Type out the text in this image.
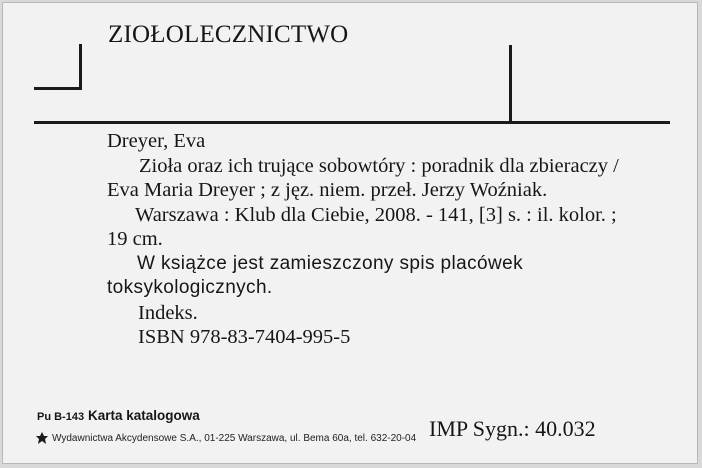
ZIOŁOLECZNICTWO

Dreyer, Eva

Zioła oraz ich trujące sobowtóry : poradnik dla zbieraczy / Eva Maria Dreyer ; z jęz. niem. przeł. Jerzy Woźniak.

Warszawa : Klub dla Ciebie, 2008. - 141, [3] s. : il. kolor. ; 19 cm.

W książce jest zamieszczony spis placówek toksykologicznych.

Indeks.

ISBN 978-83-7404-995-5

Pu B-143 Karta katalogowa
Wydawnictwa Akcydensowe S.A., 01-225 Warszawa, ul. Bema 60a, tel. 632-20-04 IMP Sygn.: 40.032
